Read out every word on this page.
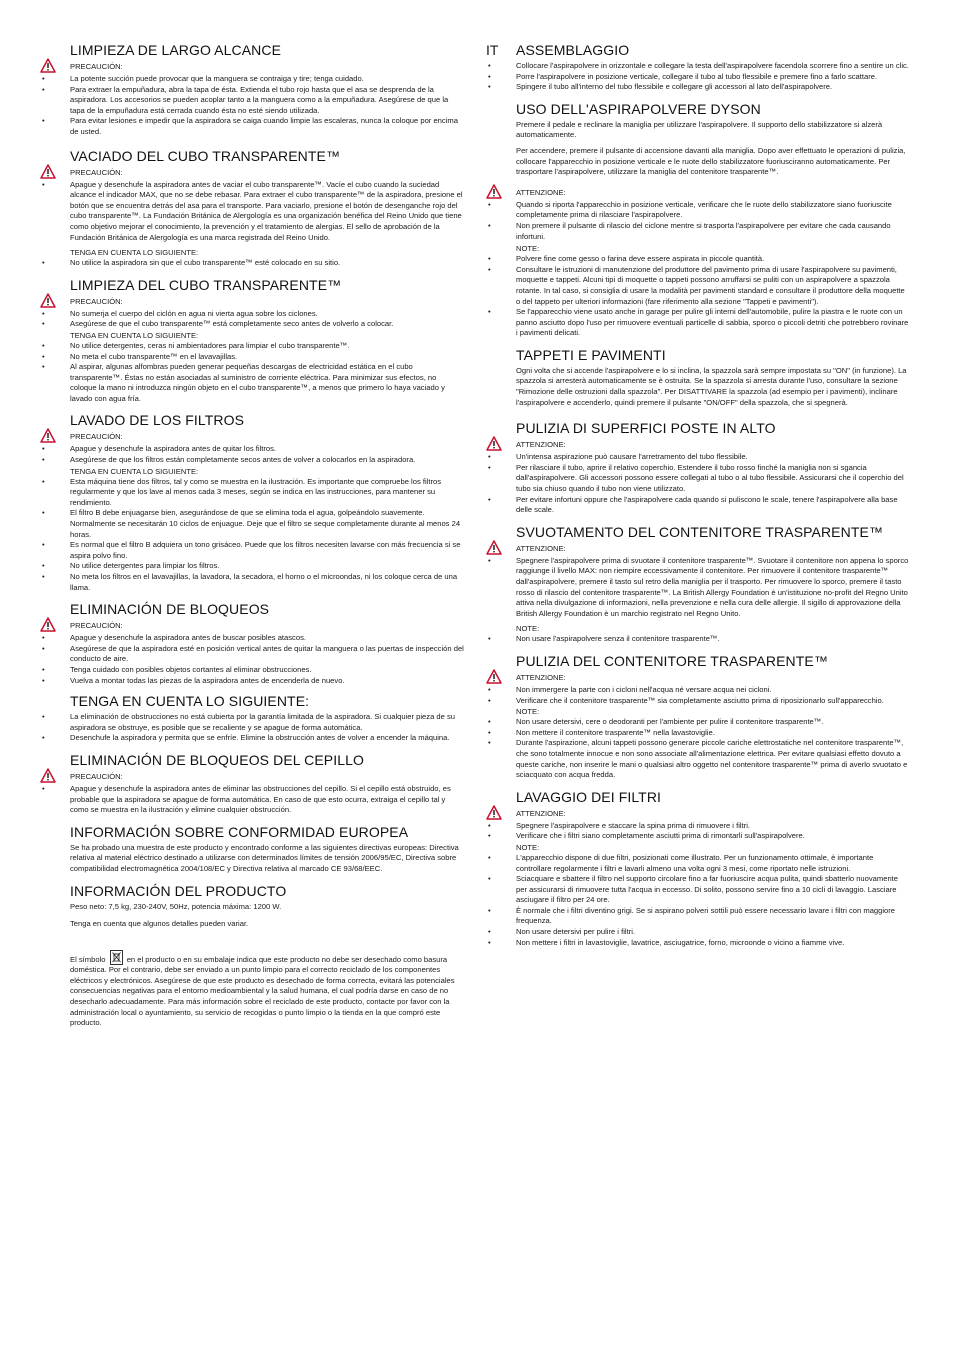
LIMPIEZA DE LARGO ALCANCE
PRECAUCIÓN:
• La potente succión puede provocar que la manguera se contraiga y tire; tenga cuidado.
• Para extraer la empuñadura, abra la tapa de ésta. Extienda el tubo rojo hasta que el asa se desprenda de la aspiradora. Los accesorios se pueden acoplar tanto a la manguera como a la empuñadura. Asegúrese de que la tapa de la empuñadura está cerrada cuando ésta no esté siendo utilizada.
• Para evitar lesiones e impedir que la aspiradora se caiga cuando limpie las escaleras, nunca la coloque por encima de usted.
VACIADO DEL CUBO TRANSPARENTE™
PRECAUCIÓN:
• Apague y desenchufe la aspiradora antes de vaciar el cubo transparente™. Vacíe el cubo cuando la suciedad alcance el indicador MAX, que no se debe rebasar. Para extraer el cubo transparente™ de la aspiradora, presione el botón que se encuentra detrás del asa para el transporte. Para vaciarlo, presione el botón de desenganche rojo del cubo transparente™. La Fundación Británica de Alergología es una organización benéfica del Reino Unido que tiene como objetivo mejorar el conocimiento, la prevención y el tratamiento de alergias. El sello de aprobación de la Fundación Británica de Alergología es una marca registrada del Reino Unido.
TENGA EN CUENTA LO SIGUIENTE:
• No utilice la aspiradora sin que el cubo transparente™ esté colocado en su sitio.
LIMPIEZA DEL CUBO TRANSPARENTE™
PRECAUCIÓN:
• No sumerja el cuerpo del ciclón en agua ni vierta agua sobre los ciclones.
• Asegúrese de que el cubo transparente™ está completamente seco antes de volverlo a colocar.
TENGA EN CUENTA LO SIGUIENTE:
• No utilice detergentes, ceras ni ambientadores para limpiar el cubo transparente™.
• No meta el cubo transparente™ en el lavavajillas.
• Al aspirar, algunas alfombras pueden generar pequeñas descargas de electricidad estática en el cubo transparente™. Éstas no están asociadas al suministro de corriente eléctrica. Para minimizar sus efectos, no coloque la mano ni introduzca ningún objeto en el cubo transparente™, a menos que primero lo haya vaciado y lavado con agua fría.
LAVADO DE LOS FILTROS
PRECAUCIÓN:
• Apague y desenchufe la aspiradora antes de quitar los filtros.
• Asegúrese de que los filtros están completamente secos antes de volver a colocarlos en la aspiradora.
TENGA EN CUENTA LO SIGUIENTE:
• Esta máquina tiene dos filtros, tal y como se muestra en la ilustración. Es importante que compruebe los filtros regularmente y que los lave al menos cada 3 meses, según se indica en las instrucciones, para mantener su rendimiento.
• El filtro B debe enjuagarse bien, asegurándose de que se elimina toda el agua, golpeándolo suavemente. Normalmente se necesitarán 10 ciclos de enjuague. Deje que el filtro se seque completamente durante al menos 24 horas.
• Es normal que el filtro B adquiera un tono grisáceo. Puede que los filtros necesiten lavarse con más frecuencia si se aspira polvo fino.
• No utilice detergentes para limpiar los filtros.
• No meta los filtros en el lavavajillas, la lavadora, la secadora, el horno o el microondas, ni los coloque cerca de una llama.
ELIMINACIÓN DE BLOQUEOS
PRECAUCIÓN:
• Apague y desenchufe la aspiradora antes de buscar posibles atascos.
• Asegúrese de que la aspiradora esté en posición vertical antes de quitar la manguera o las puertas de inspección del conducto de aire.
• Tenga cuidado con posibles objetos cortantes al eliminar obstrucciones.
• Vuelva a montar todas las piezas de la aspiradora antes de encenderla de nuevo.
TENGA EN CUENTA LO SIGUIENTE:
• La eliminación de obstrucciones no está cubierta por la garantía limitada de la aspiradora. Si cualquier pieza de su aspiradora se obstruye, es posible que se recaliente y se apague de forma automática.
• Desenchufe la aspiradora y permita que se enfríe. Elimine la obstrucción antes de volver a encender la máquina.
ELIMINACIÓN DE BLOQUEOS DEL CEPILLO
PRECAUCIÓN:
• Apague y desenchufe la aspiradora antes de eliminar las obstrucciones del cepillo. Si el cepillo está obstruido, es probable que la aspiradora se apague de forma automática. En caso de que esto ocurra, extraiga el cepillo tal y como se muestra en la ilustración y elimine cualquier obstrucción.
INFORMACIÓN SOBRE CONFORMIDAD EUROPEA

Se ha probado una muestra de este producto y encontrado conforme a las siguientes directivas europeas: Directiva relativa al material eléctrico destinado a utilizarse con determinados límites de tensión 2006/95/EC, Directiva sobre compatibilidad electromagnética 2004/108/EC y Directiva relativa al marcado CE 93/68/EEC.

INFORMACIÓN DEL PRODUCTO

Peso neto: 7,5 kg, 230-240V, 50Hz, potencia máxima: 1200 W.

Tenga en cuenta que algunos detalles pueden variar.

El símbolo	en el producto o en su embalaje indica que este producto no debe ser desechado como basura doméstica. Por el contrario, debe ser enviado a un punto limpio para el correcto reciclado de los componentes eléctricos y electrónicos. Asegúrese de que este producto es desechado de forma correcta, evitará las potenciales consecuencias negativas para el entorno medioambiental y la salud humana, el cual podría darse en caso de no desecharlo adecuadamente. Para más información sobre el reciclado de este producto, contacte por favor con la administración local o ayuntamiento, su servicio de recogidas o punto limpio o la tienda en la que compró este producto.

IT ASSEMBLAGGIO
• Collocare l'aspirapolvere in orizzontale e collegare la testa dell'aspirapolvere facendola scorrere fino a sentire un clic.
• Porre l'aspirapolvere in posizione verticale, collegare il tubo al tubo flessibile e premere fino a farlo scattare.
• Spingere il tubo all'interno del tubo flessibile e collegare gli accessori al lato dell'aspirapolvere.
USO DELL'ASPIRAPOLVERE DYSON

Premere il pedale e reclinare la maniglia per utilizzare l'aspirapolvere. Il supporto dello stabilizzatore si alzerà automaticamente.

Per accendere, premere il pulsante di accensione davanti alla maniglia. Dopo aver effettuato le operazioni di pulizia, collocare l'apparecchio in posizione verticale e le ruote dello stabilizzatore fuoriusciranno automaticamente. Per trasportare l'aspirapolvere, utilizzare la maniglia del contenitore trasparente™.

ATTENZIONE:
• Quando si riporta l'apparecchio in posizione verticale, verificare che le ruote dello stabilizzatore siano fuoriuscite completamente prima di rilasciare l'aspirapolvere.
• Non premere il pulsante di rilascio del ciclone mentre si trasporta l'aspirapolvere per evitare che cada causando infortuni.
NOTE:
• Polvere fine come gesso o farina deve essere aspirata in piccole quantità.
• Consultare le istruzioni di manutenzione del produttore del pavimento prima di usare l'aspirapolvere su pavimenti, moquette e tappeti. Alcuni tipi di moquette o tappeti possono arruffarsi se puliti con un aspirapolvere a spazzola rotante. In tal caso, si consiglia di usare la modalità per pavimenti standard e consultare il produttore della moquette o del tappeto per ulteriori informazioni (fare riferimento alla sezione "Tappeti e pavimenti").
• Se l'apparecchio viene usato anche in garage per pulire gli interni dell'automobile, pulire la piastra e le ruote con un panno asciutto dopo l'uso per rimuovere eventuali particelle di sabbia, sporco o piccoli detriti che potrebbero rovinare i pavimenti delicati.
TAPPETI E PAVIMENTI

Ogni volta che si accende l'aspirapolvere e lo si inclina, la spazzola sarà sempre impostata su "ON" (in funzione). La spazzola si arresterà automaticamente se è ostruita. Se la spazzola si arresta durante l'uso, consultare la sezione "Rimozione delle ostruzioni dalla spazzola". Per DISATTIVARE la spazzola (ad esempio per i pavimenti), inclinare l'aspirapolvere e accenderlo, quindi premere il pulsante "ON/OFF" della spazzola, che si spegnerà.

PULIZIA DI SUPERFICI POSTE IN ALTO
ATTENZIONE:
• Un'intensa aspirazione può causare l'arretramento del tubo flessibile.
• Per rilasciare il tubo, aprire il relativo coperchio. Estendere il tubo rosso finché la maniglia non si sgancia dall'aspirapolvere. Gli accessori possono essere collegati al tubo o al tubo flessibile. Assicurarsi che il coperchio del tubo sia chiuso quando il tubo non viene utilizzato.
• Per evitare infortuni oppure che l'aspirapolvere cada quando si puliscono le scale, tenere l'aspirapolvere alla base delle scale.
SVUOTAMENTO DEL CONTENITORE TRASPARENTE™
ATTENZIONE:
• Spegnere l'aspirapolvere prima di svuotare il contenitore trasparente™. Svuotare il contenitore non appena lo sporco raggiunge il livello MAX: non riempire eccessivamente il contenitore. Per rimuovere il contenitore trasparente™ dall'aspirapolvere, premere il tasto sul retro della maniglia per il trasporto. Per rimuovere lo sporco, premere il tasto rosso di rilascio del contenitore trasparente™. La British Allergy Foundation è un'istituzione no-profit del Regno Unito attiva nella divulgazione di informazioni, nella prevenzione e nella cura delle allergie. Il sigillo di approvazione della British Allergy Foundation è un marchio registrato nel Regno Unito.
NOTE:
• Non usare l'aspirapolvere senza il contenitore trasparente™.
PULIZIA DEL CONTENITORE TRASPARENTE™
ATTENZIONE:
• Non immergere la parte con i cicloni nell'acqua né versare acqua nei cicloni.
• Verificare che il contenitore trasparente™ sia completamente asciutto prima di riposizionarlo sull'apparecchio.
NOTE:
• Non usare detersivi, cere o deodoranti per l'ambiente per pulire il contenitore trasparente™.
• Non mettere il contenitore trasparente™ nella lavastoviglie.
• Durante l'aspirazione, alcuni tappeti possono generare piccole cariche elettrostatiche nel contenitore trasparente™, che sono totalmente innocue e non sono associate all'alimentazione elettrica. Per evitare qualsiasi effetto dovuto a queste cariche, non inserire le mani o qualsiasi altro oggetto nel contenitore trasparente™ prima di averlo svuotato e sciacquato con acqua fredda.
LAVAGGIO DEI FILTRI
ATTENZIONE:
• Spegnere l'aspirapolvere e staccare la spina prima di rimuovere i filtri.
• Verificare che i filtri siano completamente asciutti prima di rimontarli sull'aspirapolvere.
NOTE:
• L'apparecchio dispone di due filtri, posizionati come illustrato. Per un funzionamento ottimale, è importante controllare regolarmente i filtri e lavarli almeno una volta ogni 3 mesi, come riportato nelle istruzioni.
• Sciacquare e sbattere il filtro nel supporto circolare fino a far fuoriuscire acqua pulita, quindi sbatterlo nuovamente per assicurarsi di rimuovere tutta l'acqua in eccesso. Di solito, possono servire fino a 10 cicli di lavaggio. Lasciare asciugare il filtro per 24 ore.
• È normale che i filtri diventino grigi. Se si aspirano polveri sottili può essere necessario lavare i filtri con maggiore frequenza.
• Non usare detersivi per pulire i filtri.
• Non mettere i filtri in lavastoviglie, lavatrice, asciugatrice, forno, microonde o vicino a fiamme vive.
